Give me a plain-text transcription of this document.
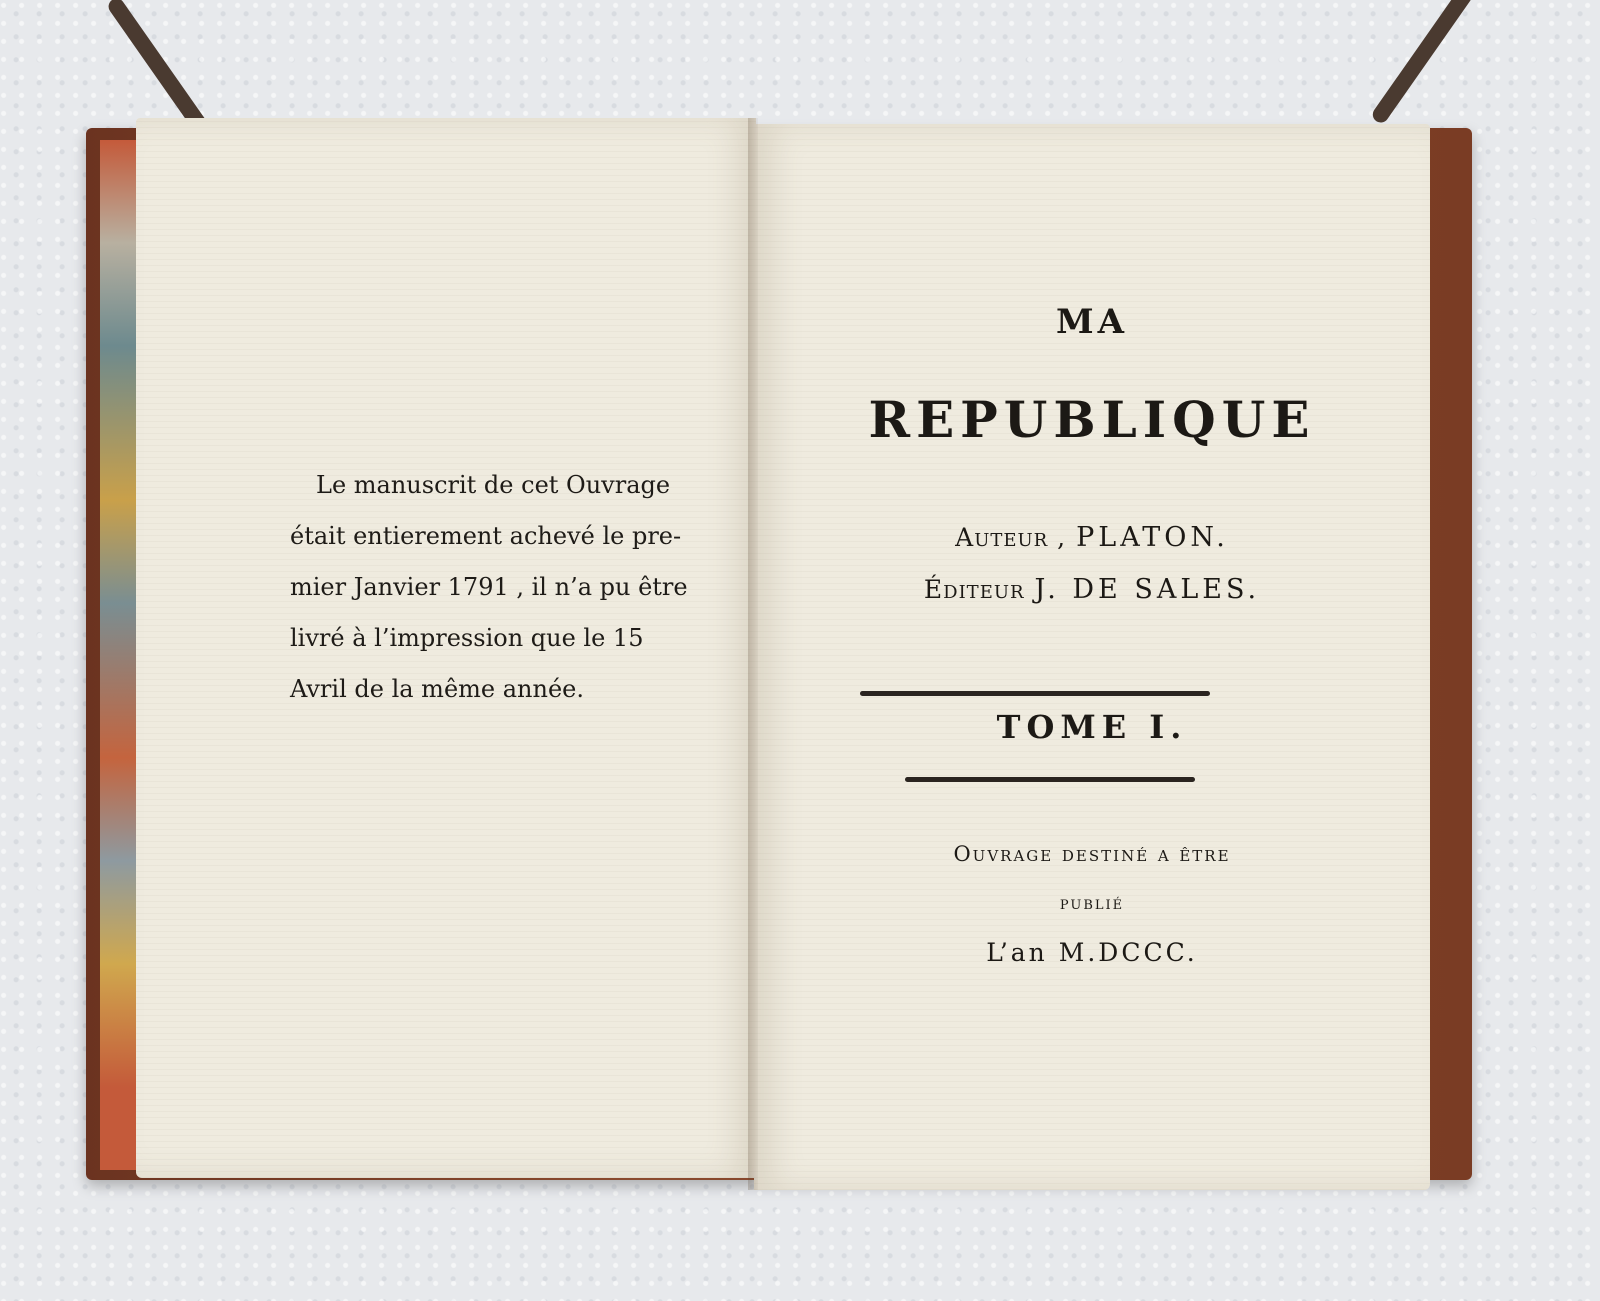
Le manuscrit de cet Ouvrage
était entierement achevé le pre-
mier Janvier 1791 , il n’a pu être
livré à l’impression que le 15
Avril de la même année.
MA
REPUBLIQUE
Auteur , PLATON.
Éditeur J. DE SALES.
TOME I.
Ouvrage destiné a être
publié
L’an M.DCCC.
